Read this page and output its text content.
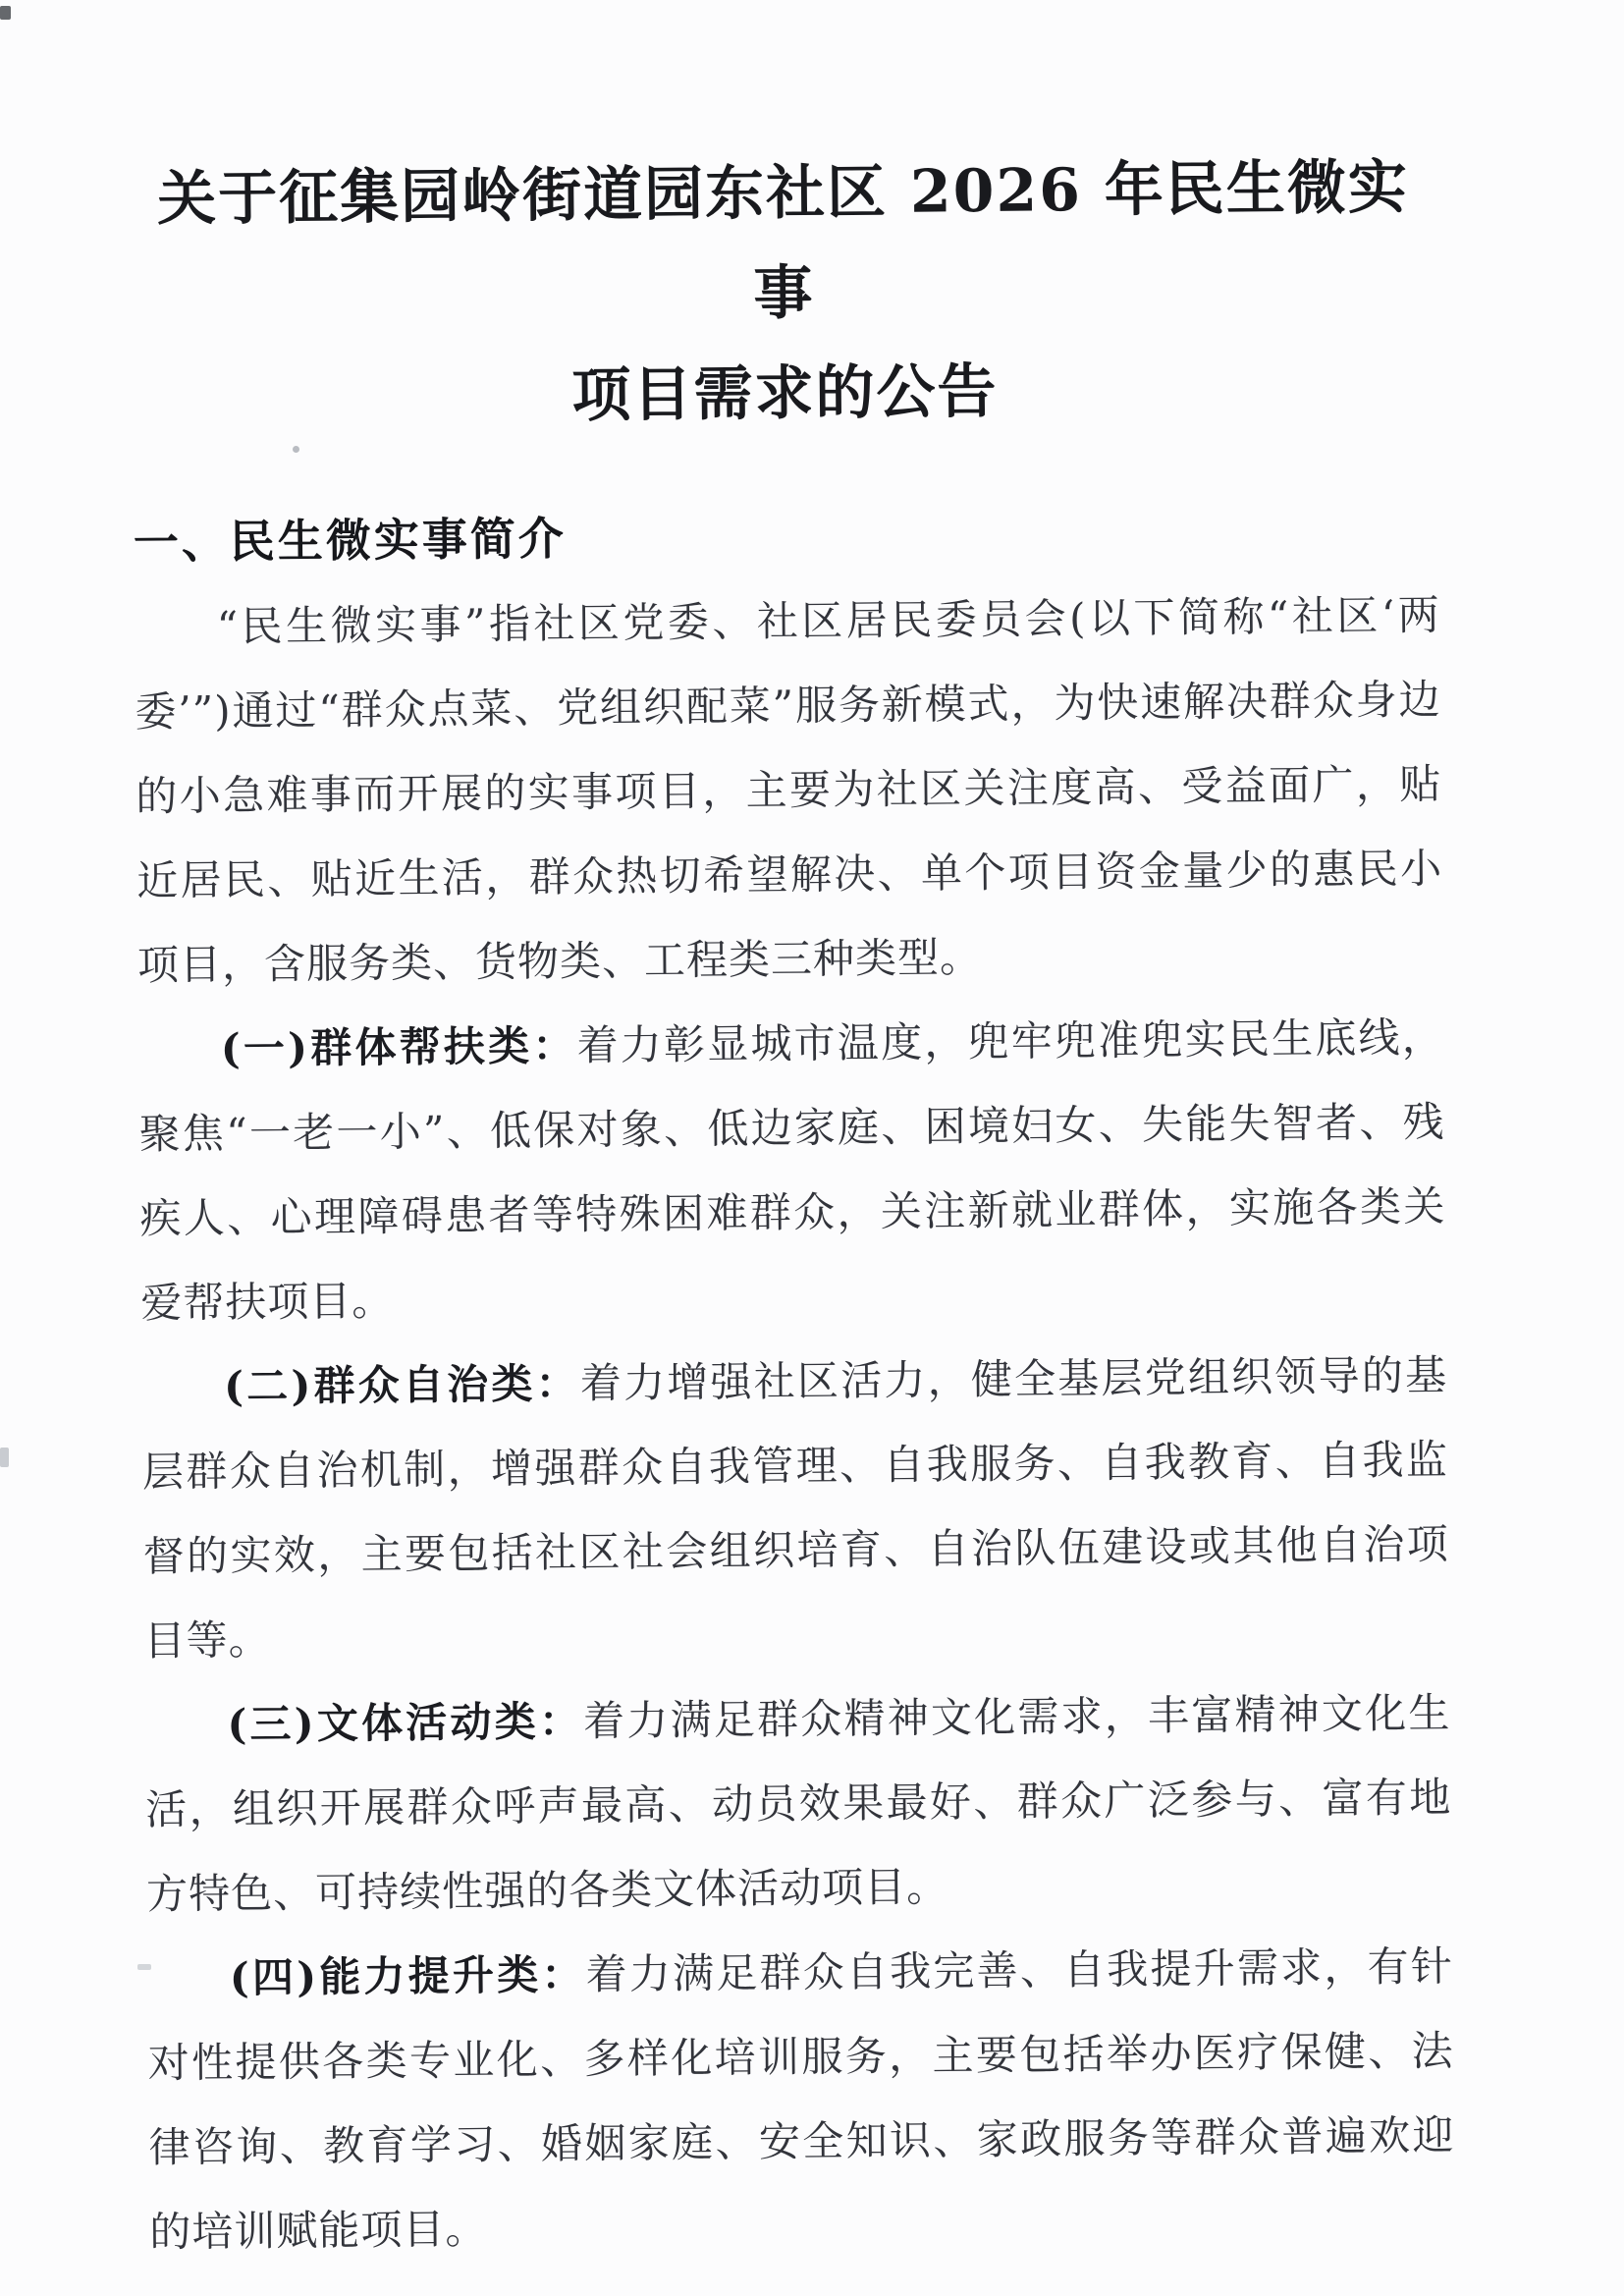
关于征集园岭街道园东社区 2026 年民生微实事
项目需求的公告
一、民生微实事简介

“民生微实事”指社区党委、社区居民委员会(以下简称“社区‘两委’”)通过“群众点菜、党组织配菜”服务新模式，为快速解决群众身边的小急难事而开展的实事项目，主要为社区关注度高、受益面广，贴近居民、贴近生活，群众热切希望解决、单个项目资金量少的惠民小项目，含服务类、货物类、工程类三种类型。

(一)群体帮扶类：着力彰显城市温度，兜牢兜准兜实民生底线，聚焦“一老一小”、低保对象、低边家庭、困境妇女、失能失智者、残疾人、心理障碍患者等特殊困难群众，关注新就业群体，实施各类关爱帮扶项目。

(二)群众自治类：着力增强社区活力，健全基层党组织领导的基层群众自治机制，增强群众自我管理、自我服务、自我教育、自我监督的实效，主要包括社区社会组织培育、自治队伍建设或其他自治项目等。

(三)文体活动类：着力满足群众精神文化需求，丰富精神文化生活，组织开展群众呼声最高、动员效果最好、群众广泛参与、富有地方特色、可持续性强的各类文体活动项目。

(四)能力提升类：着力满足群众自我完善、自我提升需求，有针对性提供各类专业化、多样化培训服务，主要包括举办医疗保健、法律咨询、教育学习、婚姻家庭、安全知识、家政服务等群众普遍欢迎的培训赋能项目。
